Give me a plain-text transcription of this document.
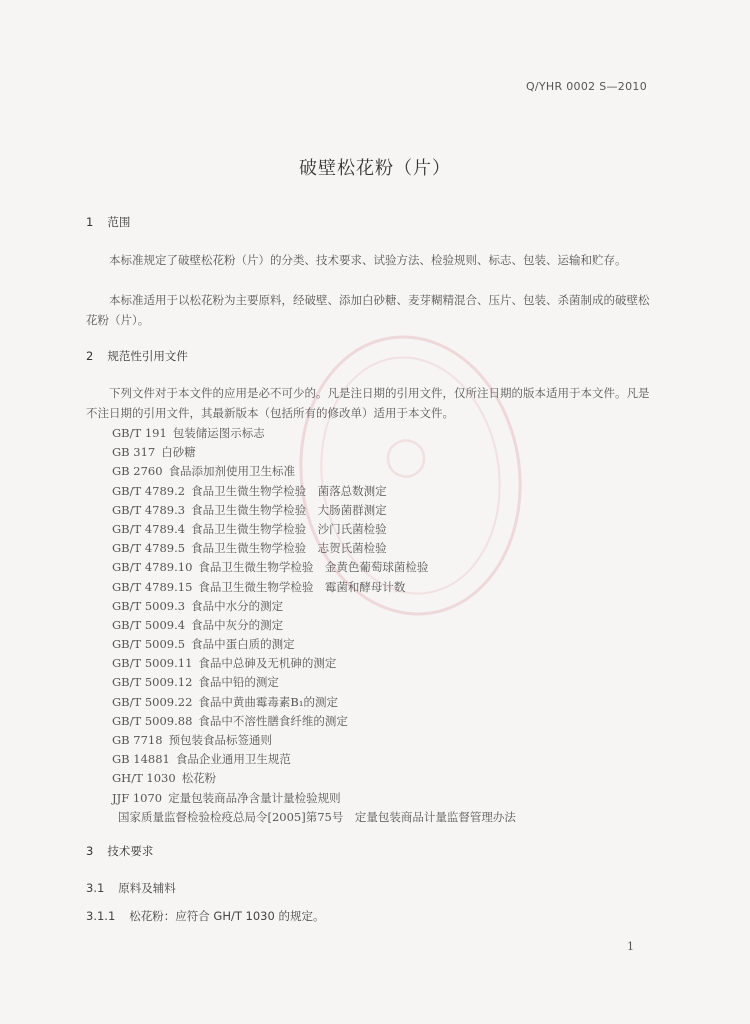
◯
Q/YHR 0002 S—2010
破壁松花粉（片）
1 范围
本标准规定了破壁松花粉（片）的分类、技术要求、试验方法、检验规则、标志、包装、运输和贮存。
本标准适用于以松花粉为主要原料，经破壁、添加白砂糖、麦芽糊精混合、压片、包装、杀菌制成的破壁松花粉（片）。
2 规范性引用文件
下列文件对于本文件的应用是必不可少的。凡是注日期的引用文件，仅所注日期的版本适用于本文件。凡是不注日期的引用文件，其最新版本（包括所有的修改单）适用于本文件。
GB/T 191 包装储运图示标志
GB 317 白砂糖
GB 2760 食品添加剂使用卫生标准
GB/T 4789.2 食品卫生微生物学检验　菌落总数测定
GB/T 4789.3 食品卫生微生物学检验　大肠菌群测定
GB/T 4789.4 食品卫生微生物学检验　沙门氏菌检验
GB/T 4789.5 食品卫生微生物学检验　志贺氏菌检验
GB/T 4789.10 食品卫生微生物学检验　金黄色葡萄球菌检验
GB/T 4789.15 食品卫生微生物学检验　霉菌和酵母计数
GB/T 5009.3 食品中水分的测定
GB/T 5009.4 食品中灰分的测定
GB/T 5009.5 食品中蛋白质的测定
GB/T 5009.11 食品中总砷及无机砷的测定
GB/T 5009.12 食品中铅的测定
GB/T 5009.22 食品中黄曲霉毒素B₁的测定
GB/T 5009.88 食品中不溶性膳食纤维的测定
GB 7718 预包装食品标签通则
GB 14881 食品企业通用卫生规范
GH/T 1030 松花粉
JJF 1070 定量包装商品净含量计量检验规则
国家质量监督检验检疫总局令[2005]第75号　定量包装商品计量监督管理办法
3 技术要求
3.1 原料及辅料
3.1.1 松花粉：应符合 GH/T 1030 的规定。
1
